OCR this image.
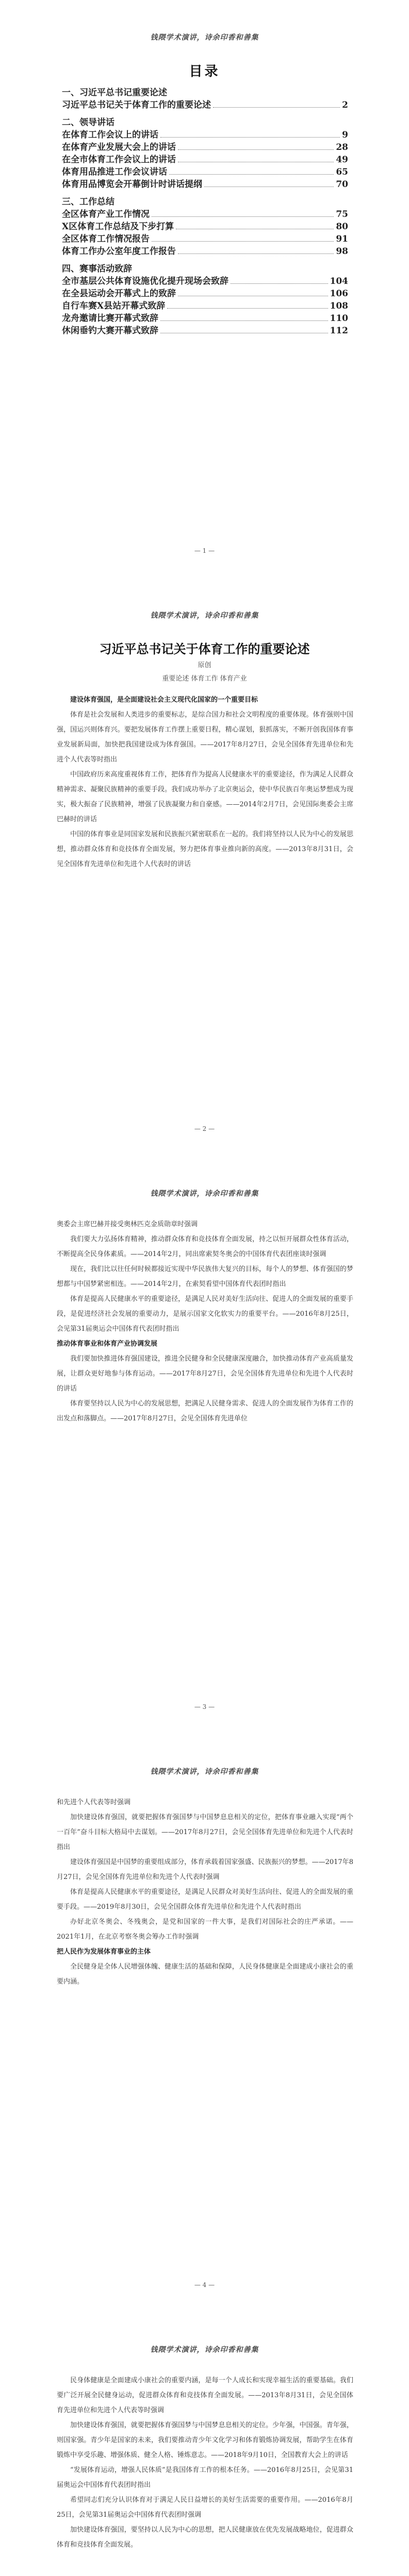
钱隈学术演讲，诗余印香和善集
目录
一、习近平总书记重要论述
习近平总书记关于体育工作的重要论述	2
二、领导讲话
在体育工作会议上的讲话	9
在体育产业发展大会上的讲话	28
在全市体育工作会议上的讲话	49
体育用品推进工作会议讲话	65
体育用品博览会开幕倒计时讲话提纲	70
三、工作总结
全区体育产业工作情况	75
X区体育工作总结及下步打算	80
全区体育工作情况报告	91
体育工作办公室年度工作报告	98
四、赛事活动致辞
全市基层公共体育设施优化提升现场会致辞	104
在全县运动会开幕式上的致辞	106
自行车赛X县站开幕式致辞	108
龙舟邀请比赛开幕式致辞	110
休闲垂钓大赛开幕式致辞	112
— 1 —
钱隈学术演讲，诗余印香和善集
习近平总书记关于体育工作的重要论述
原创
重要论述 体育工作 体育产业

建设体育强国，是全面建设社会主义现代化国家的一个重要目标

体育是社会发展和人类进步的重要标志，是综合国力和社会文明程度的重要体现。体育强则中国强，国运兴则体育兴。要把发展体育工作摆上重要日程，精心谋划，狠抓落实，不断开创我国体育事业发展新局面，加快把我国建设成为体育强国。——2017年8月27日，会见全国体育先进单位和先进个人代表等时指出

中国政府历来高度重视体育工作，把体育作为提高人民健康水平的重要途径，作为满足人民群众精神需求、凝聚民族精神的重要手段。我们成功举办了北京奥运会，使中华民族百年奥运梦想成为现实，极大振奋了民族精神，增强了民族凝聚力和自豪感。——2014年2月7日，会见国际奥委会主席巴赫时的讲话

中国的体育事业是同国家发展和民族振兴紧密联系在一起的。我们将坚持以人民为中心的发展思想，推动群众体育和竞技体育全面发展，努力把体育事业推向新的高度。——2013年8月31日，会见全国体育先进单位和先进个人代表时的讲话

— 2 —
钱隈学术演讲，诗余印香和善集

奥委会主席巴赫并接受奥林匹克金质勋章时强调

我们要大力弘扬体育精神，推动群众体育和竞技体育全面发展，持之以恒开展群众性体育活动，不断提高全民身体素质。——2014年2月，同出席索契冬奥会的中国体育代表团座谈时强调

现在，我们比以往任何时候都接近实现中华民族伟大复兴的目标，每个人的梦想、体育强国的梦想都与中国梦紧密相连。——2014年2月，在索契看望中国体育代表团时指出

体育是提高人民健康水平的重要途径，是满足人民对美好生活向往、促进人的全面发展的重要手段，是促进经济社会发展的重要动力，是展示国家文化软实力的重要平台。——2016年8月25日，会见第31届奥运会中国体育代表团时指出

推动体育事业和体育产业协调发展

我们要加快推进体育强国建设，推进全民健身和全民健康深度融合，加快推动体育产业高质量发展，让群众更好地参与体育运动。——2017年8月27日，会见全国体育先进单位和先进个人代表时的讲话

体育要坚持以人民为中心的发展思想，把满足人民健身需求、促进人的全面发展作为体育工作的出发点和落脚点。——2017年8月27日，会见全国体育先进单位

— 3 —
钱隈学术演讲，诗余印香和善集

和先进个人代表等时强调

加快建设体育强国，就要把握体育强国梦与中国梦息息相关的定位，把体育事业融入实现“两个一百年”奋斗目标大格局中去谋划。——2017年8月27日，会见全国体育先进单位和先进个人代表时指出

建设体育强国是中国梦的重要组成部分，体育承载着国家强盛、民族振兴的梦想。——2017年8月27日，会见全国体育先进单位和先进个人代表时强调

体育是提高人民健康水平的重要途径，是满足人民群众对美好生活向往、促进人的全面发展的重要手段。——2019年8月30日，会见全国群众体育先进单位和先进个人代表时指出

办好北京冬奥会、冬残奥会，是党和国家的一件大事，是我们对国际社会的庄严承诺。——2021年1月，在北京考察冬奥会筹办工作时强调

把人民作为发展体育事业的主体

全民健身是全体人民增强体魄、健康生活的基础和保障，人民身体健康是全面建成小康社会的重要内涵。

— 4 —
钱隈学术演讲，诗余印香和善集

民身体健康是全面建成小康社会的重要内涵，是每一个人成长和实现幸福生活的重要基础。我们要广泛开展全民健身运动，促进群众体育和竞技体育全面发展。——2013年8月31日，会见全国体育先进单位和先进个人代表等时强调

加快建设体育强国，就要把握体育强国梦与中国梦息息相关的定位。少年强，中国强。青年强，则国家强。青少年是国家的未来，我们要推动青少年文化学习和体育锻炼协调发展，帮助学生在体育锻炼中享受乐趣、增强体质、健全人格、锤炼意志。——2018年9月10日，全国教育大会上的讲话

“发展体育运动，增强人民体质”是我国体育工作的根本任务。——2016年8月25日，会见第31届奥运会中国体育代表团时指出

希望同志们充分认识体育对于满足人民日益增长的美好生活需要的重要作用。——2016年8月25日，会见第31届奥运会中国体育代表团时强调

加快建设体育强国，要坚持以人民为中心的思想，把人民健康放在优先发展战略地位，促进群众体育和竞技体育全面发展。
